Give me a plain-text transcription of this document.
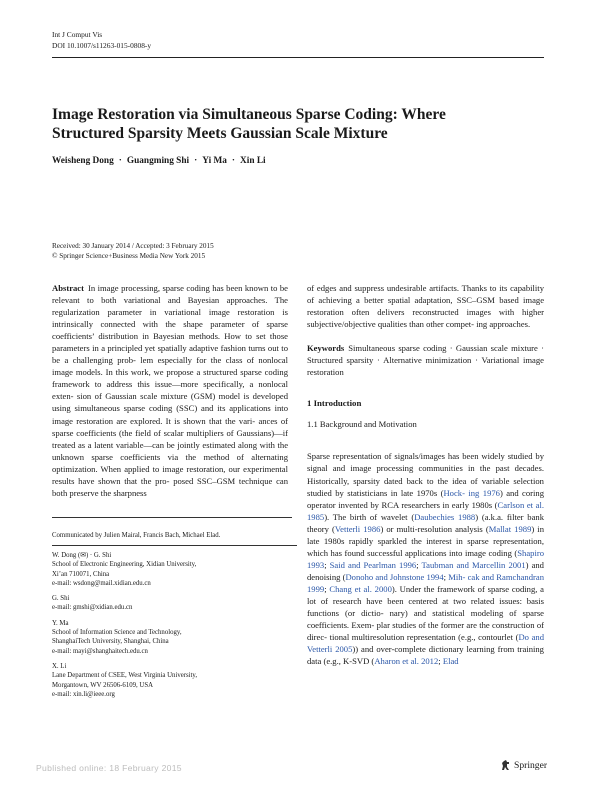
Int J Comput Vis
DOI 10.1007/s11263-015-0808-y
Image Restoration via Simultaneous Sparse Coding: Where
Structured Sparsity Meets Gaussian Scale Mixture
Weisheng Dong · Guangming Shi · Yi Ma · Xin Li
Received: 30 January 2014 / Accepted: 3 February 2015
© Springer Science+Business Media New York 2015

Abstract In image processing, sparse coding has been known to be relevant to both variational and Bayesian approaches. The regularization parameter in variational image restoration is intrinsically connected with the shape parameter of sparse coefficients’ distribution in Bayesian methods. How to set those parameters in a principled yet spatially adaptive fashion turns out to be a challenging prob- lem especially for the class of nonlocal image models. In this work, we propose a structured sparse coding framework to address this issue—more specifically, a nonlocal exten- sion of Gaussian scale mixture (GSM) model is developed using simultaneous sparse coding (SSC) and its applications into image restoration are explored. It is shown that the vari- ances of sparse coefficients (the field of scalar multipliers of Gaussians)—if treated as a latent variable—can be jointly estimated along with the unknown sparse coefficients via the method of alternating optimization. When applied to image restoration, our experimental results have shown that the pro- posed SSC–GSM technique can both preserve the sharpness

Communicated by Julien Mairal, Francis Bach, Michael Elad.
W. Dong (✉) · G. Shi
School of Electronic Engineering, Xidian University,
Xi’an 710071, China
e-mail: wsdong@mail.xidian.edu.cn
G. Shi
e-mail: gmshi@xidian.edu.cn
Y. Ma
School of Information Science and Technology,
ShanghaiTech University, Shanghai, China
e-mail: mayi@shanghaitech.edu.cn
X. Li
Lane Department of CSEE, West Virginia University,
Morgantown, WV 26506-6109, USA
e-mail: xin.li@ieee.org
of edges and suppress undesirable artifacts. Thanks to its capability of achieving a better spatial adaptation, SSC–GSM based image restoration often delivers reconstructed images with higher subjective/objective qualities than other compet- ing approaches.
Keywords Simultaneous sparse coding · Gaussian scale mixture · Structured sparsity · Alternative minimization · Variational image restoration
1 Introduction
1.1 Background and Motivation
Sparse representation of signals/images has been widely studied by signal and image processing communities in the past decades. Historically, sparsity dated back to the idea of variable selection studied by statisticians in late 1970s (Hock- ing 1976) and coring operator invented by RCA researchers in early 1980s (Carlson et al. 1985). The birth of wavelet (Daubechies 1988) (a.k.a. filter bank theory (Vetterli 1986) or multi-resolution analysis (Mallat 1989) in late 1980s rapidly sparkled the interest in sparse representation, which has found successful applications into image coding (Shapiro 1993; Said and Pearlman 1996; Taubman and Marcellin 2001) and denoising (Donoho and Johnstone 1994; Mih- cak and Ramchandran 1999; Chang et al. 2000). Under the framework of sparse coding, a lot of research have been centered at two related issues: basis functions (or dictio- nary) and statistical modeling of sparse coefficients. Exem- plar studies of the former are the construction of direc- tional multiresolution representation (e.g., contourlet (Do and Vetterli 2005)) and over-complete dictionary learning from training data (e.g., K-SVD (Aharon et al. 2012; Elad
Published online: 18 February 2015	Springer
